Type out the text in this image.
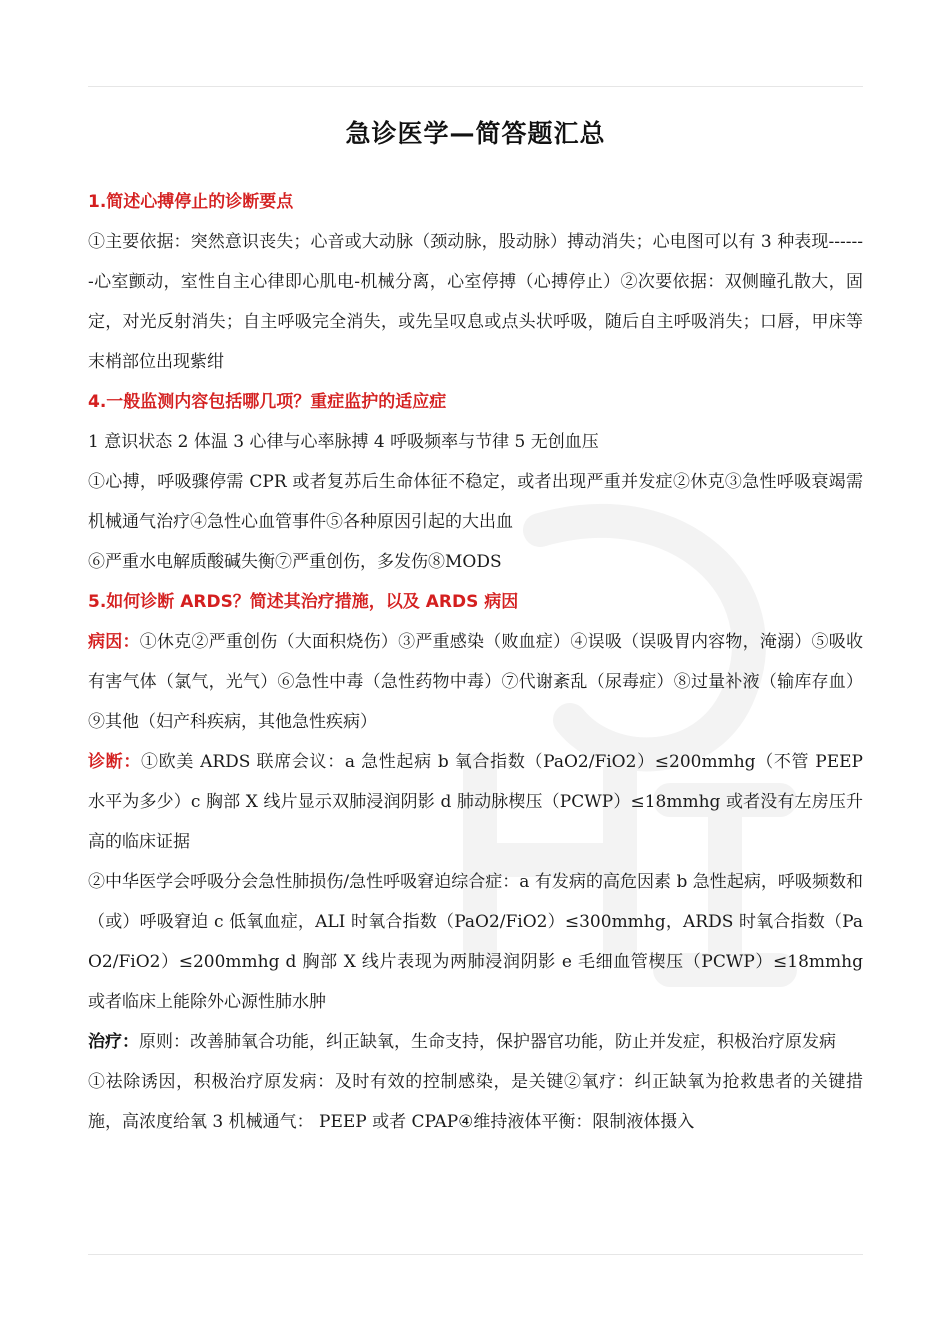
急诊医学—简答题汇总
1.简述心搏停止的诊断要点
①主要依据：突然意识丧失；心音或大动脉（颈动脉，股动脉）搏动消失；心电图可以有 3 种表现-------心室颤动，室性自主心律即心肌电-机械分离，心室停搏（心搏停止）②次要依据：双侧瞳孔散大，固定，对光反射消失；自主呼吸完全消失，或先呈叹息或点头状呼吸，随后自主呼吸消失；口唇，甲床等末梢部位出现紫绀
4.一般监测内容包括哪几项？重症监护的适应症
1 意识状态 2 体温 3 心律与心率脉搏 4 呼吸频率与节律 5 无创血压
①心搏，呼吸骤停需 CPR 或者复苏后生命体征不稳定，或者出现严重并发症②休克③急性呼吸衰竭需机械通气治疗④急性心血管事件⑤各种原因引起的大出血
⑥严重水电解质酸碱失衡⑦严重创伤，多发伤⑧MODS
5.如何诊断 ARDS？简述其治疗措施，以及 ARDS 病因
病因：①休克②严重创伤（大面积烧伤）③严重感染（败血症）④误吸（误吸胃内容物，淹溺）⑤吸收有害气体（氯气，光气）⑥急性中毒（急性药物中毒）⑦代谢紊乱（尿毒症）⑧过量补液（输库存血）⑨其他（妇产科疾病，其他急性疾病）
诊断：①欧美 ARDS 联席会议：a 急性起病 b 氧合指数（PaO2/FiO2）≤200mmhg（不管 PEEP 水平为多少）c 胸部 X 线片显示双肺浸润阴影 d 肺动脉楔压（PCWP）≤18mmhg 或者没有左房压升高的临床证据
②中华医学会呼吸分会急性肺损伤/急性呼吸窘迫综合症：a 有发病的高危因素 b 急性起病，呼吸频数和（或）呼吸窘迫 c 低氧血症，ALI 时氧合指数（PaO2/FiO2）≤300mmhg，ARDS 时氧合指数（PaO2/FiO2）≤200mmhg d 胸部 X 线片表现为两肺浸润阴影 e 毛细血管楔压（PCWP）≤18mmhg 或者临床上能除外心源性肺水肿
治疗：原则：改善肺氧合功能，纠正缺氧，生命支持，保护器官功能，防止并发症，积极治疗原发病
①祛除诱因，积极治疗原发病：及时有效的控制感染，是关键②氧疗：纠正缺氧为抢救患者的关键措施，高浓度给氧 3 机械通气： PEEP 或者 CPAP④维持液体平衡：限制液体摄入
